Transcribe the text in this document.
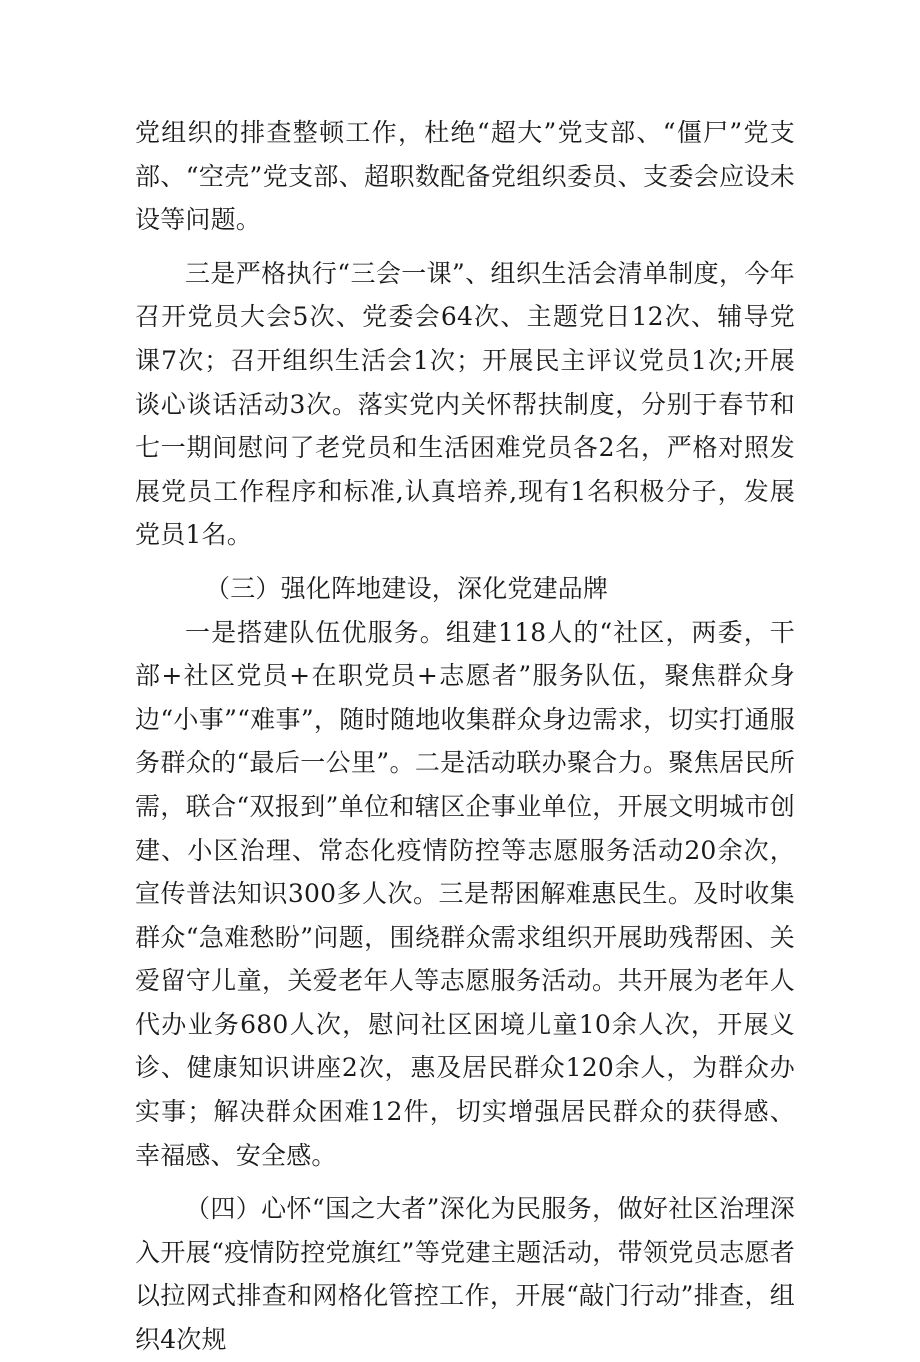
党组织的排查整顿工作，杜绝“超大”党支部、“僵尸”党支部、“空壳”党支部、超职数配备党组织委员、支委会应设未设等问题。

三是严格执行“三会一课”、组织生活会清单制度，今年召开党员大会5次、党委会64次、主题党日12次、辅导党课7次；召开组织生活会1次；开展民主评议党员1次;开展谈心谈话活动3次。落实党内关怀帮扶制度，分别于春节和七一期间慰问了老党员和生活困难党员各2名，严格对照发展党员工作程序和标准,认真培养,现有1名积极分子，发展党员1名。

（三）强化阵地建设，深化党建品牌

一是搭建队伍优服务。组建118人的“社区，两委，干部+社区党员+在职党员+志愿者”服务队伍，聚焦群众身边“小事”“难事”，随时随地收集群众身边需求，切实打通服务群众的“最后一公里”。二是活动联办聚合力。聚焦居民所需，联合“双报到”单位和辖区企事业单位，开展文明城市创建、小区治理、常态化疫情防控等志愿服务活动20余次，宣传普法知识300多人次。三是帮困解难惠民生。及时收集群众“急难愁盼”问题，围绕群众需求组织开展助残帮困、关爱留守儿童，关爱老年人等志愿服务活动。共开展为老年人代办业务680人次，慰问社区困境儿童10余人次，开展义诊、健康知识讲座2次，惠及居民群众120余人，为群众办实事；解决群众困难12件，切实增强居民群众的获得感、幸福感、安全感。

（四）心怀“国之大者”深化为民服务，做好社区治理深入开展“疫情防控党旗红”等党建主题活动，带领党员志愿者以拉网式排查和网格化管控工作，开展“敲门行动”排查，组织4次规
